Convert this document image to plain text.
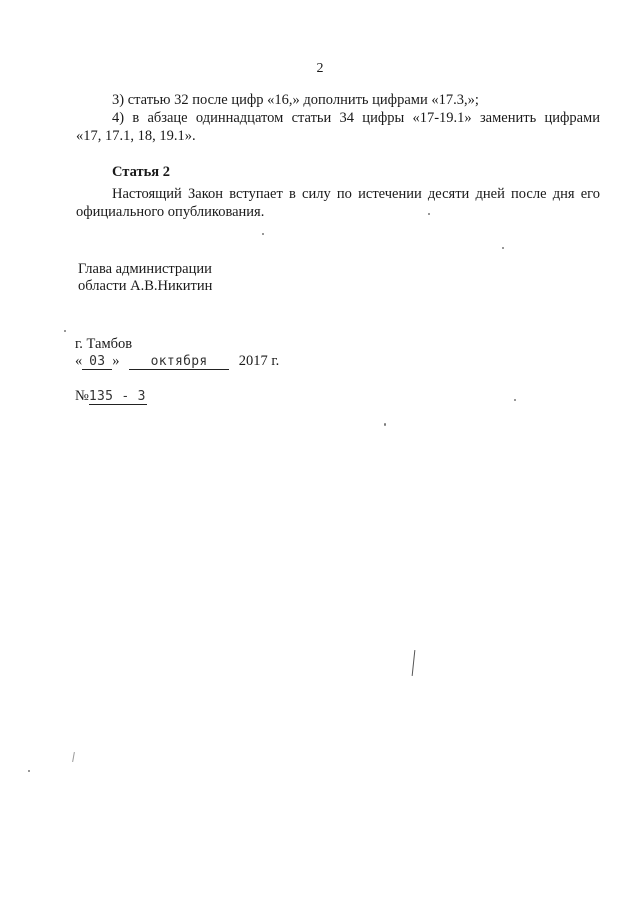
2
3) статью 32 после цифр «16,» дополнить цифрами «17.3,»;
4) в абзаце одиннадцатом статьи 34 цифры «17-19.1» заменить цифрами
«17, 17.1, 18, 19.1».
Статья 2
Настоящий Закон вступает в силу по истечении десяти дней после дня его
официального опубликования.
Глава администрации
области А.В.Никитин
г. Тамбов
« 03 » октября 2017 г.
№135 - 3
